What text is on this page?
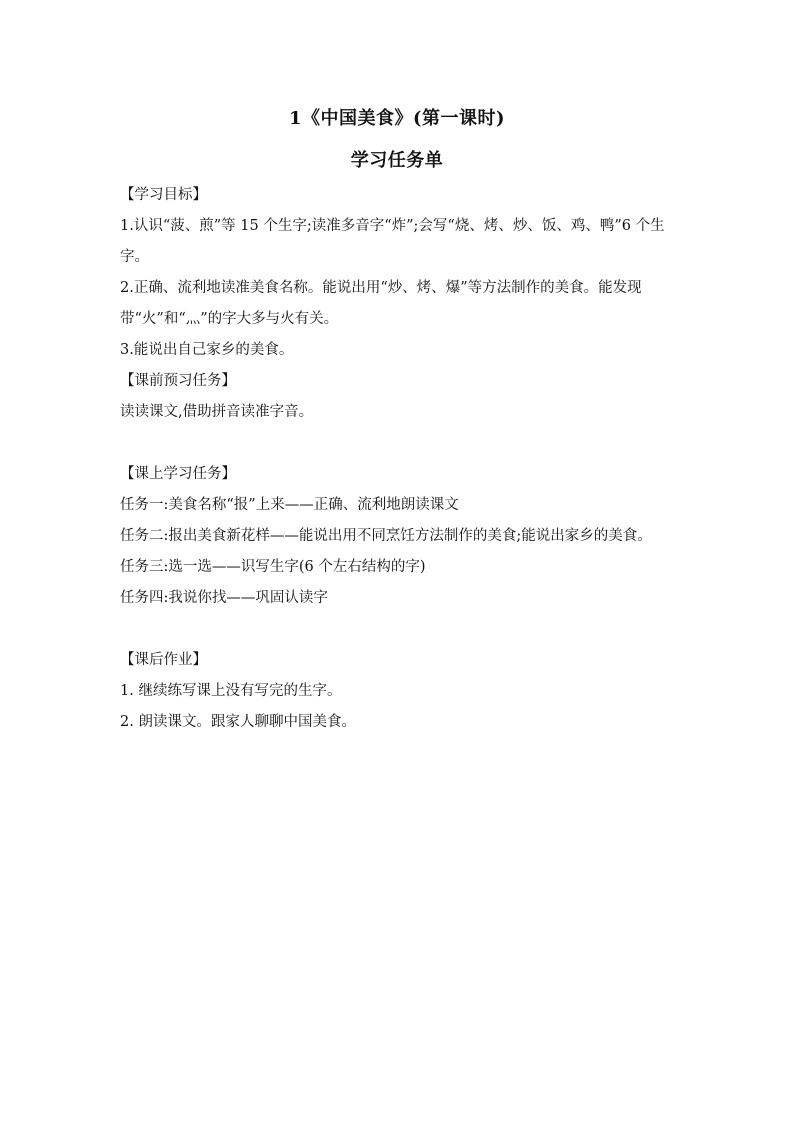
1《中国美食》(第一课时)
学习任务单

【学习目标】

1.认识“菠、煎”等 15 个生字;读准多音字“炸”;会写“烧、烤、炒、饭、鸡、鸭”6 个生字。

2.正确、流利地读准美食名称。能说出用“炒、烤、爆”等方法制作的美食。能发现带“火”和“灬”的字大多与火有关。

3.能说出自己家乡的美食。

【课前预习任务】

读读课文,借助拼音读准字音。

【课上学习任务】

任务一:美食名称“报”上来——正确、流利地朗读课文

任务二:报出美食新花样——能说出用不同烹饪方法制作的美食;能说出家乡的美食。

任务三:选一选——识写生字(6 个左右结构的字)

任务四:我说你找——巩固认读字

【课后作业】

1. 继续练写课上没有写完的生字。

2. 朗读课文。跟家人聊聊中国美食。
